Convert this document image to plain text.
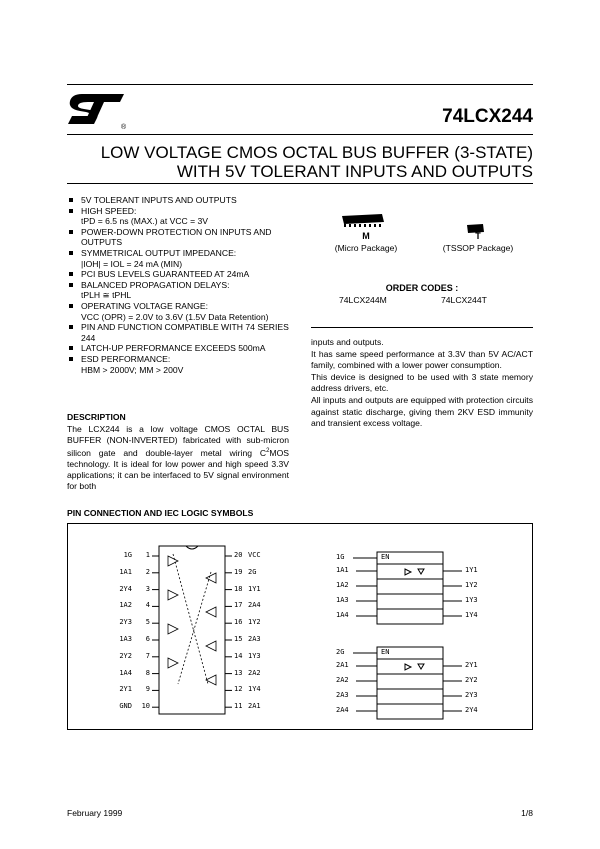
®
74LCX244
LOW VOLTAGE CMOS OCTAL BUS BUFFER (3-STATE)
WITH 5V TOLERANT INPUTS AND OUTPUTS
5V TOLERANT INPUTS AND OUTPUTS
HIGH SPEED:
tPD = 6.5 ns (MAX.) at VCC = 3V
POWER-DOWN PROTECTION ON INPUTS AND OUTPUTS
SYMMETRICAL OUTPUT IMPEDANCE:
|IOH| = IOL = 24 mA (MIN)
PCI BUS LEVELS GUARANTEED AT 24mA
BALANCED PROPAGATION DELAYS:
tPLH ≅ tPHL
OPERATING VOLTAGE RANGE:
VCC (OPR) = 2.0V to 3.6V (1.5V Data Retention)
PIN AND FUNCTION COMPATIBLE WITH 74 SERIES 244
LATCH-UP PERFORMANCE EXCEEDS 500mA
ESD PERFORMANCE:
HBM > 2000V; MM > 200V
M
(Micro Package)
T
(TSSOP Package)
ORDER CODES :
74LCX244M	74LCX244T
DESCRIPTION

The LCX244 is a low voltage CMOS OCTAL BUS BUFFER (NON-INVERTED) fabricated with sub-micron silicon gate and double-layer metal wiring $C^2MOS$ technology. It is ideal for low power and high speed 3.3V applications; it can be interfaced to 5V signal environment for both

inputs and outputs.

It has same speed performance at 3.3V than 5V AC/ACT family, combined with a lower power consumption.

This device is designed to be used with 3 state memory address drivers, etc.

All inputs and outputs are equipped with protection circuits against static discharge, giving them 2KV ESD immunity and transient excess voltage.

PIN CONNECTION AND IEC LOGIC SYMBOLS
1G	1	20 VCC
1A1	2	19 2G
2Y4	3	18 1Y1
1A2	4	17 2A4
2Y3	5	16 1Y2
1A3	6	15 2A3
2Y2	7	14 1Y3
1A4	8	13 2A2
2Y1	9	12 1Y4
GND	10	11 2A1
1G	EN
1A1	1Y1
1A2	1Y2
1A3	1Y3
1A4	1Y4
2G	EN
2A1	2Y1
2A2	2Y2
2A3	2Y3
2A4	2Y4
February 1999	1/8
